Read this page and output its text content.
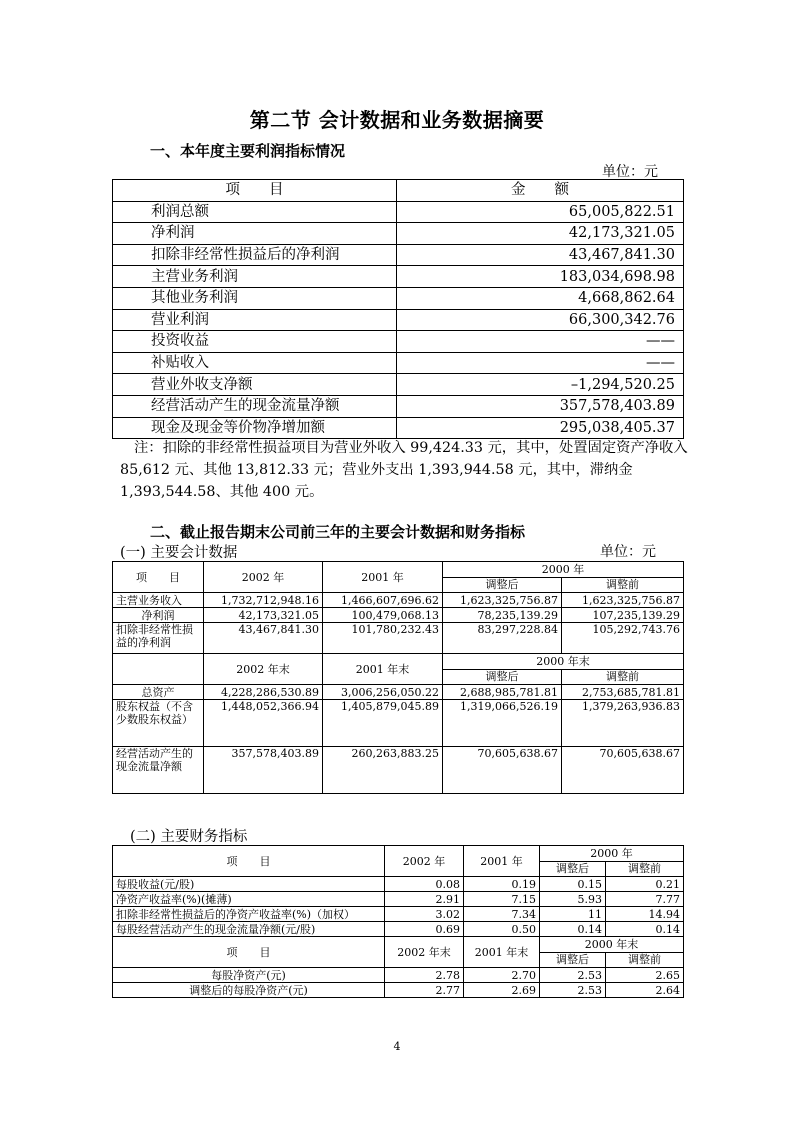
第二节 会计数据和业务数据摘要
一、本年度主要利润指标情况
单位：元
项　　目	金　　额
利润总额	65,005,822.51
净利润	42,173,321.05
扣除非经常性损益后的净利润	43,467,841.30
主营业务利润	183,034,698.98
其他业务利润	4,668,862.64
营业利润	66,300,342.76
投资收益	——
补贴收入	——
营业外收支净额	–1,294,520.25
经营活动产生的现金流量净额	357,578,403.89
现金及现金等价物净增加额	295,038,405.37
注：扣除的非经常性损益项目为营业外收入 99,424.33 元，其中，处置固定资产净收入 85,612 元、其他 13,812.33 元；营业外支出 1,393,944.58 元，其中，滞纳金 1,393,544.58、其他 400 元。
二、截止报告期末公司前三年的主要会计数据和财务指标
(一) 主要会计数据	单位：元
项　　目	2002 年	2001 年	2000 年	
			调整后	调整前
主营业务收入	1,732,712,948.16	1,466,607,696.62	1,623,325,756.87	1,623,325,756.87
净利润	42,173,321.05	100,479,068.13	78,235,139.29	107,235,139.29
扣除非经常性损益的净利润	43,467,841.30	101,780,232.43	83,297,228.84	105,292,743.76
	2002 年末	2001 年末	2000 年末	
			调整后	调整前
总资产	4,228,286,530.89	3,006,256,050.22	2,688,985,781.81	2,753,685,781.81
股东权益（不含少数股东权益）	1,448,052,366.94	1,405,879,045.89	1,319,066,526.19	1,379,263,936.83
经营活动产生的现金流量净额	357,578,403.89	260,263,883.25	70,605,638.67	70,605,638.67
(二) 主要财务指标
项　　目	2002 年	2001 年	2000 年	
			调整后	调整前
每股收益(元/股)	0.08	0.19	0.15	0.21
净资产收益率(%)(摊薄)	2.91	7.15	5.93	7.77
扣除非经常性损益后的净资产收益率(%)（加权）	3.02	7.34	11	14.94
每股经营活动产生的现金流量净额(元/股)	0.69	0.50	0.14	0.14
项　　目	2002 年末	2001 年末	2000 年末	
			调整后	调整前
每股净资产(元)	2.78	2.70	2.53	2.65
调整后的每股净资产(元)	2.77	2.69	2.53	2.64
4
